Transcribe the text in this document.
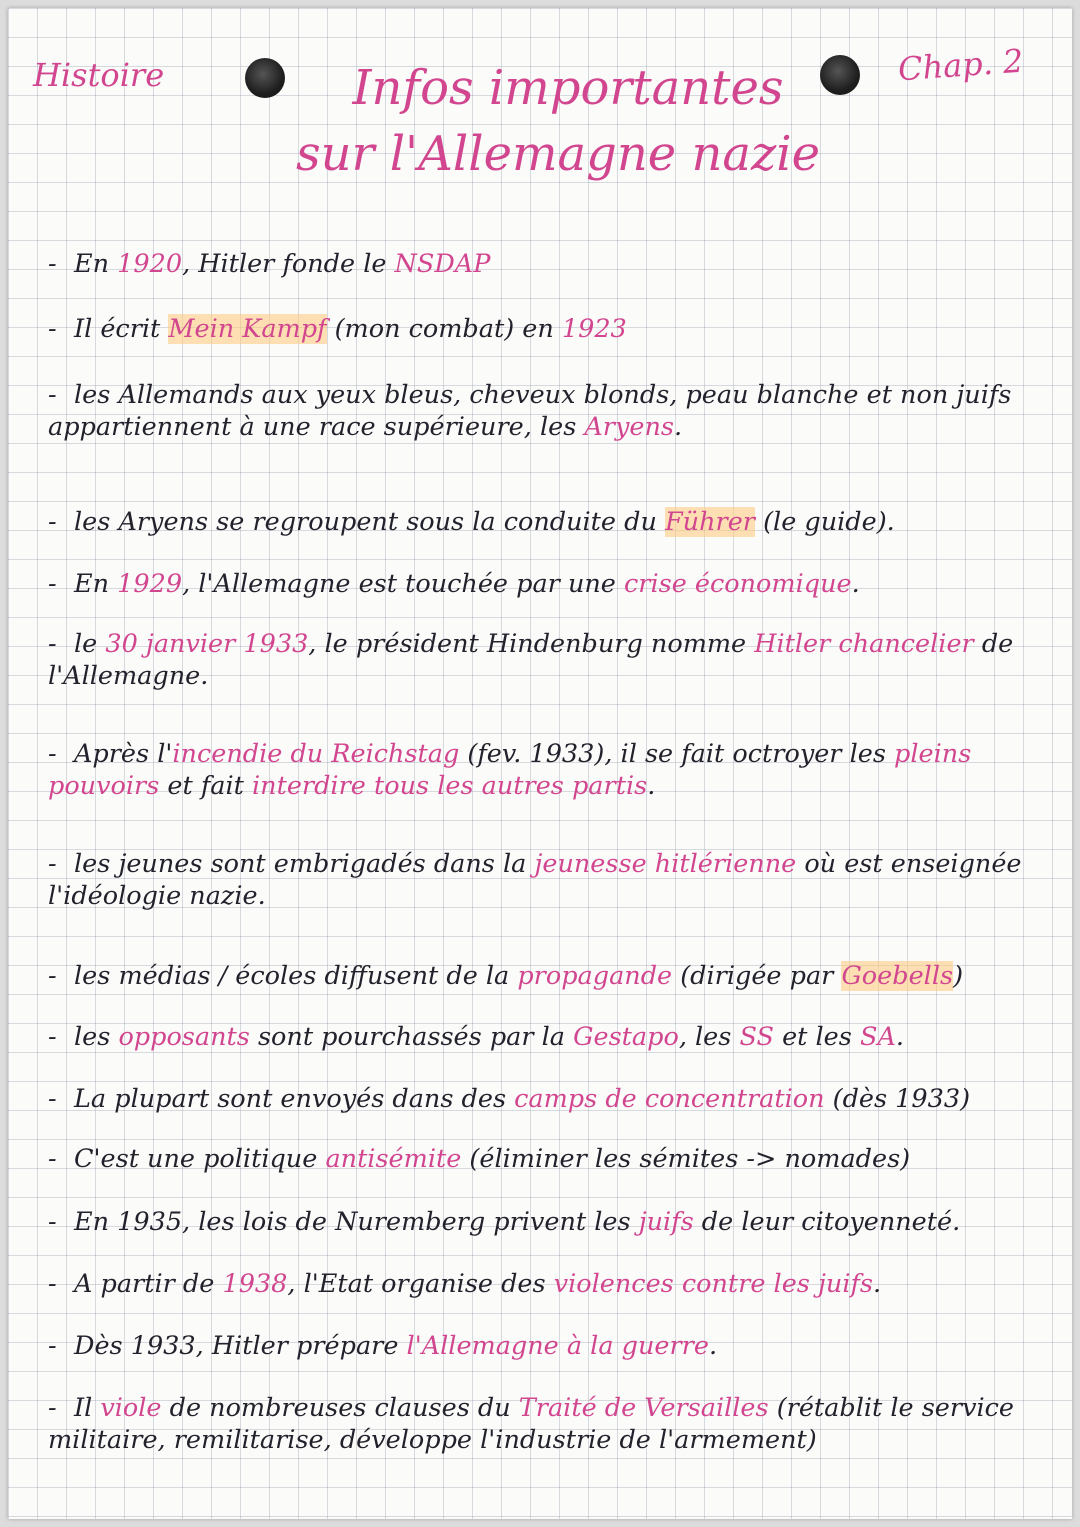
Histoire	Chap. 2
Infos importantes
sur l'Allemagne nazie
- En 1920, Hitler fonde le NSDAP
- Il écrit Mein Kampf (mon combat) en 1923
- les Allemands aux yeux bleus, cheveux blonds, peau blanche et non juifs appartiennent à une race supérieure, les Aryens.
- les Aryens se regroupent sous la conduite du Führer (le guide).
- En 1929, l'Allemagne est touchée par une crise économique.
- le 30 janvier 1933, le président Hindenburg nomme Hitler chancelier de l'Allemagne.
- Après l'incendie du Reichstag (fev. 1933), il se fait octroyer les pleins pouvoirs et fait interdire tous les autres partis.
- les jeunes sont embrigadés dans la jeunesse hitlérienne où est enseignée l'idéologie nazie.
- les médias / écoles diffusent de la propagande (dirigée par Goebells)
- les opposants sont pourchassés par la Gestapo, les SS et les SA.
- La plupart sont envoyés dans des camps de concentration (dès 1933)
- C'est une politique antisémite (éliminer les sémites -> nomades)
- En 1935, les lois de Nuremberg privent les juifs de leur citoyenneté.
- A partir de 1938, l'Etat organise des violences contre les juifs.
- Dès 1933, Hitler prépare l'Allemagne à la guerre.
- Il viole de nombreuses clauses du Traité de Versailles (rétablit le service militaire, remilitarise, développe l'industrie de l'armement)
